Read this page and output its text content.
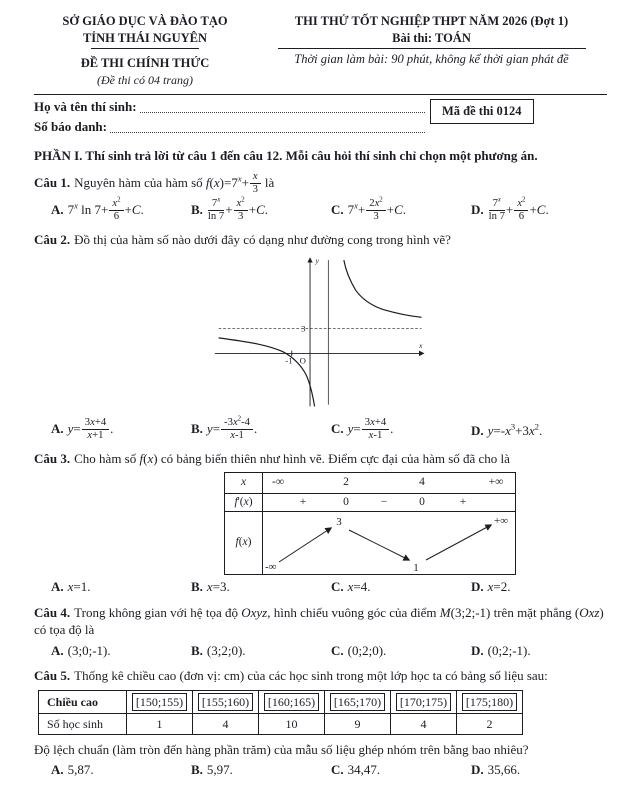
SỞ GIÁO DỤC VÀ ĐÀO TẠO
TỈNH THÁI NGUYÊN
ĐỀ THI CHÍNH THỨC
(Đề thi có 04 trang)
THI THỬ TỐT NGHIỆP THPT NĂM 2026 (Đợt 1)
Bài thi: TOÁN
Thời gian làm bài: 90 phút, không kể thời gian phát đề
Họ và tên thí sinh:
Số báo danh:
Mã đề thi 0124
PHẦN I. Thí sinh trả lời từ câu 1 đến câu 12. Mỗi câu hỏi thí sinh chỉ chọn một phương án.
Câu 1. Nguyên hàm của hàm số $f(x)=7^x+ \frac{x}{3}$ là
A. 7$^x$ $\ln 7+ \frac{x^2}{6} +C$.	B. $\frac{7^x}{\ln 7} + \frac{x^2}{3} +C$.	C. $7^x+ \frac{2x^2}{3} +C$.	D. $\frac{7^x}{\ln 7} + \frac{x^2}{6} +C$.
Câu 2. Đồ thị của hàm số nào dưới đây có dạng như đường cong trong hình vẽ?
O
-1
3
y
x
A. $y= \frac{3x+4}{x+1}$ .	B. $y= \frac{-3x^2-4}{x-1}$ .	C. $y= \frac{3x+4}{x-1}$ .	D. $y=-x^3+3x^2$.
Câu 3. Cho hàm số f(x) có bảng biến thiên như hình vẽ. Điểm cực đại của hàm số đã cho là
x -∞	2	4	+∞
f'(x)	+	0	−	0	+
f(x)
-∞
3
1
+∞
A. x=1.	B. x=3.	C. x=4.	D. x=2.
Câu 4. Trong không gian với hệ tọa độ Oxyz, hình chiếu vuông góc của điểm M(3;2;-1) trên mặt phẳng (Oxz) có tọa độ là
A. (3;0;-1).	B. (3;2;0).	C. (0;2;0).	D. (0;2;-1).
Câu 5. Thống kê chiều cao (đơn vị: cm) của các học sinh trong một lớp học ta có bảng số liệu sau:
Chiều cao	[150;155)	[155;160)	[160;165)	[165;170)	[170;175)	[175;180)
Số học sinh	1	4	10	9	4	2
Độ lệch chuẩn (làm tròn đến hàng phần trăm) của mẫu số liệu ghép nhóm trên bằng bao nhiêu?
A. 5,87.	B. 5,97.	C. 34,47.	D. 35,66.
